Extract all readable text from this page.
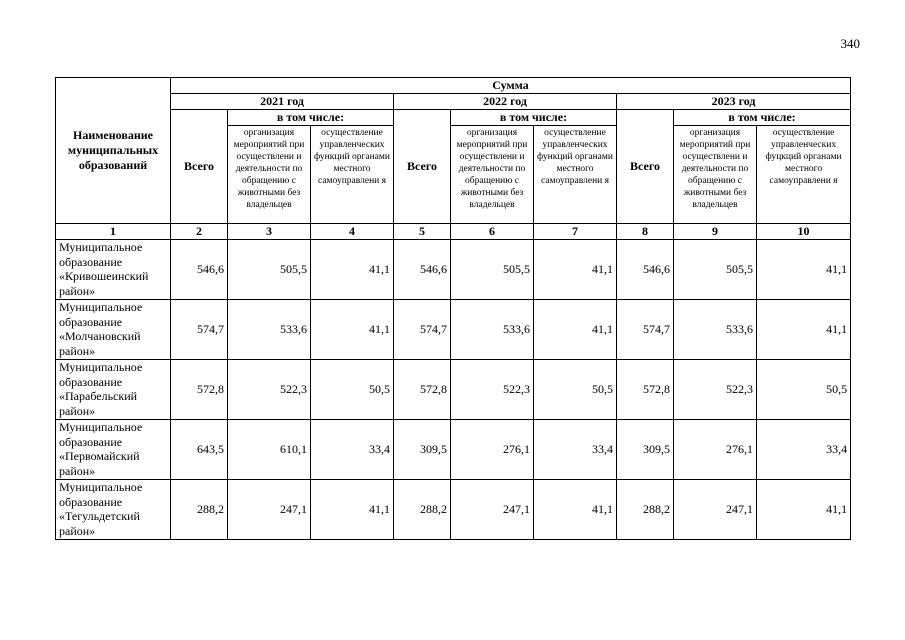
340
Наименование муниципальных образований	Сумма								
	2021 год			2022 год			2023 год		
	Всего	в том числе:		Всего	в том числе:		Всего	в том числе:	
		организация мероприятий при осуществлени и деятельности по обращению с животными без владельцев	осуществление управленческих функций органами местного самоуправлени я		организация мероприятий при осуществлени и деятельности по обращению с животными без владельцев	осуществление управленческих функций органами местного самоуправлени я		организация мероприятий при осуществлени и деятельности по обращению с животными без владельцев	осуществление управленческих фуцкций органами местного самоуправлени я
1	2	3	4	5	6	7	8	9	10
Муниципальное образование «Кривошеинский район»	546,6	505,5	41,1	546,6	505,5	41,1	546,6	505,5	41,1
Муниципальное образование «Молчановский район»	574,7	533,6	41,1	574,7	533,6	41,1	574,7	533,6	41,1
Муниципальное образование «Парабельский район»	572,8	522,3	50,5	572,8	522,3	50,5	572,8	522,3	50,5
Муниципальное образование «Первомайский район»	643,5	610,1	33,4	309,5	276,1	33,4	309,5	276,1	33,4
Муниципальное образование «Тегульдетский район»	288,2	247,1	41,1	288,2	247,1	41,1	288,2	247,1	41,1
